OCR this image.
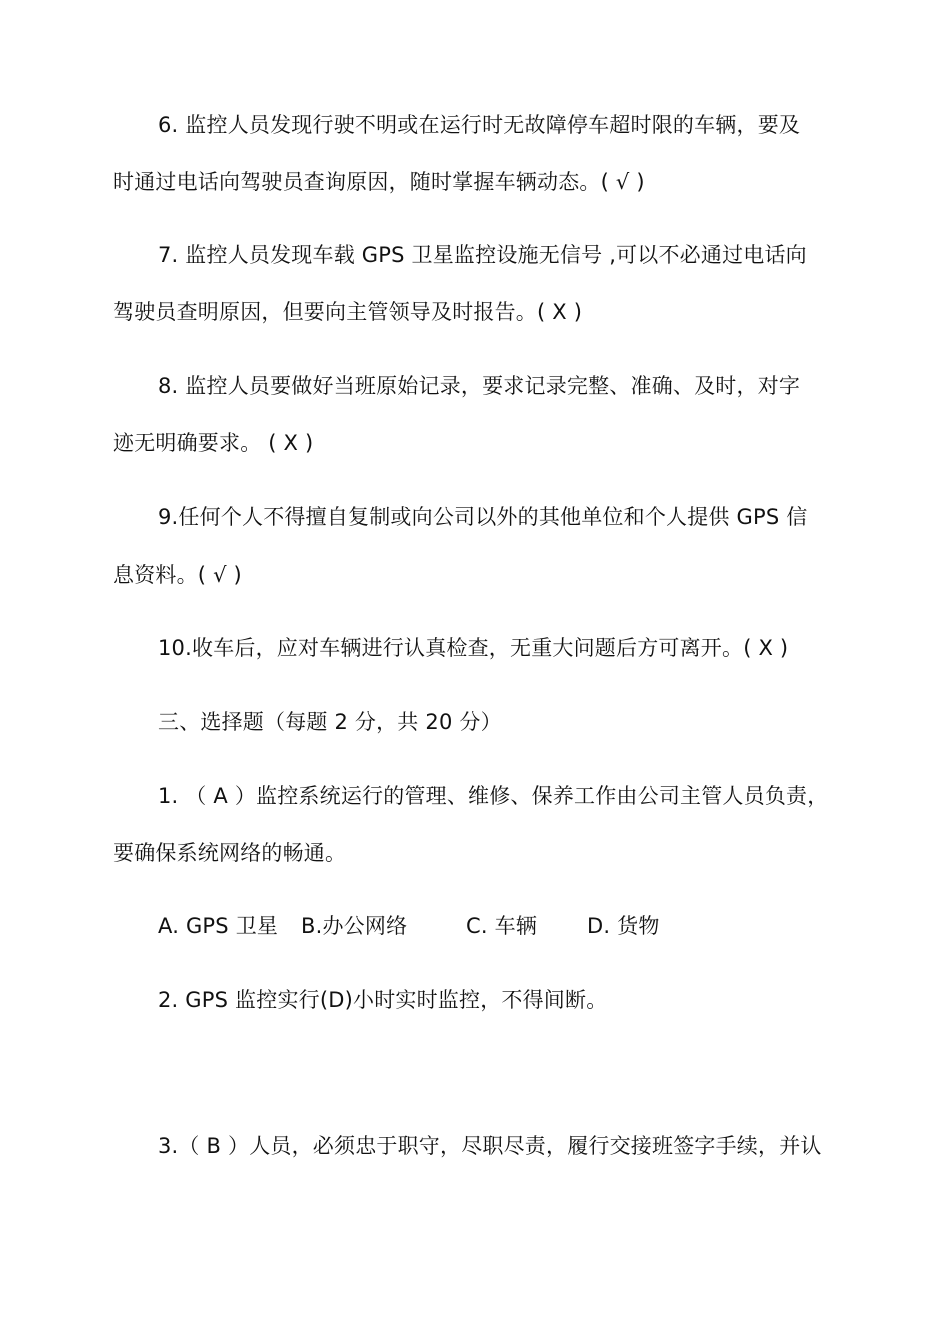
6. 监控人员发现行驶不明或在运行时无故障停车超时限的车辆，要及
时通过电话向驾驶员查询原因，随时掌握车辆动态。( √ )
7. 监控人员发现车载 GPS 卫星监控设施无信号 ,可以不必通过电话向
驾驶员查明原因，但要向主管领导及时报告。( X )
8. 监控人员要做好当班原始记录，要求记录完整、准确、及时，对字
迹无明确要求。 ( X )
9.任何个人不得擅自复制或向公司以外的其他单位和个人提供 GPS 信
息资料。( √ )
10.收车后，应对车辆进行认真检查，无重大问题后方可离开。( X )
三、选择题（每题 2 分，共 20 分）
1. （ A ）监控系统运行的管理、维修、保养工作由公司主管人员负责，
要确保系统网络的畅通。
A. GPS 卫星 B.办公网络	C. 车辆 D. 货物
2. GPS 监控实行(D)小时实时监控，不得间断。
3.（ B ）人员，必须忠于职守，尽职尽责，履行交接班签字手续，并认
